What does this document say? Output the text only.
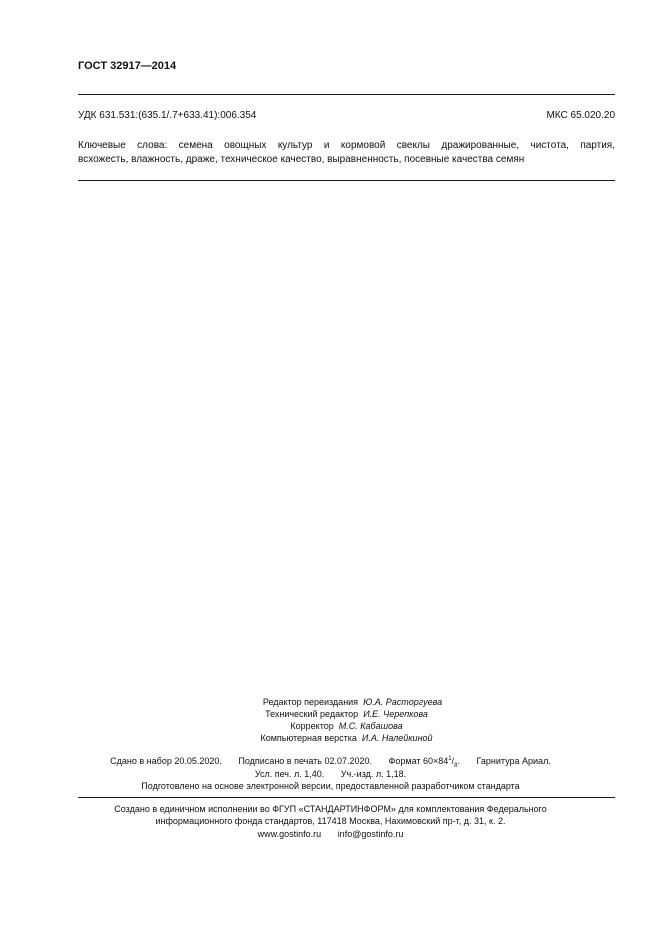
ГОСТ 32917—2014
УДК 631.531:(635.1/.7+633.41):006.354	МКС 65.020.20
Ключевые слова: семена овощных культур и кормовой свеклы дражированные, чистота, партия,
всхожесть, влажность, драже, техническое качество, выравненность, посевные качества семян
Редактор переиздания Ю.А. Расторгуева
Технический редактор И.Е. Черепкова
Корректор М.С. Кабашова
Компьютерная верстка И.А. Налейкиной
Сдано в набор 20.05.2020. Подписано в печать 02.07.2020. Формат $60\times 84^1/_8$. Гарнитура Ариал.
Усл. печ. л. 1,40. Уч.-изд. л. 1,18.
Подготовлено на основе электронной версии, предоставленной разработчиком стандарта
Создано в единичном исполнении во ФГУП «СТАНДАРТИНФОРМ» для комплектования Федерального
информационного фонда стандартов, 117418 Москва, Нахимовский пр-т, д. 31, к. 2.
www.gostinfo.ru info@gostinfo.ru
